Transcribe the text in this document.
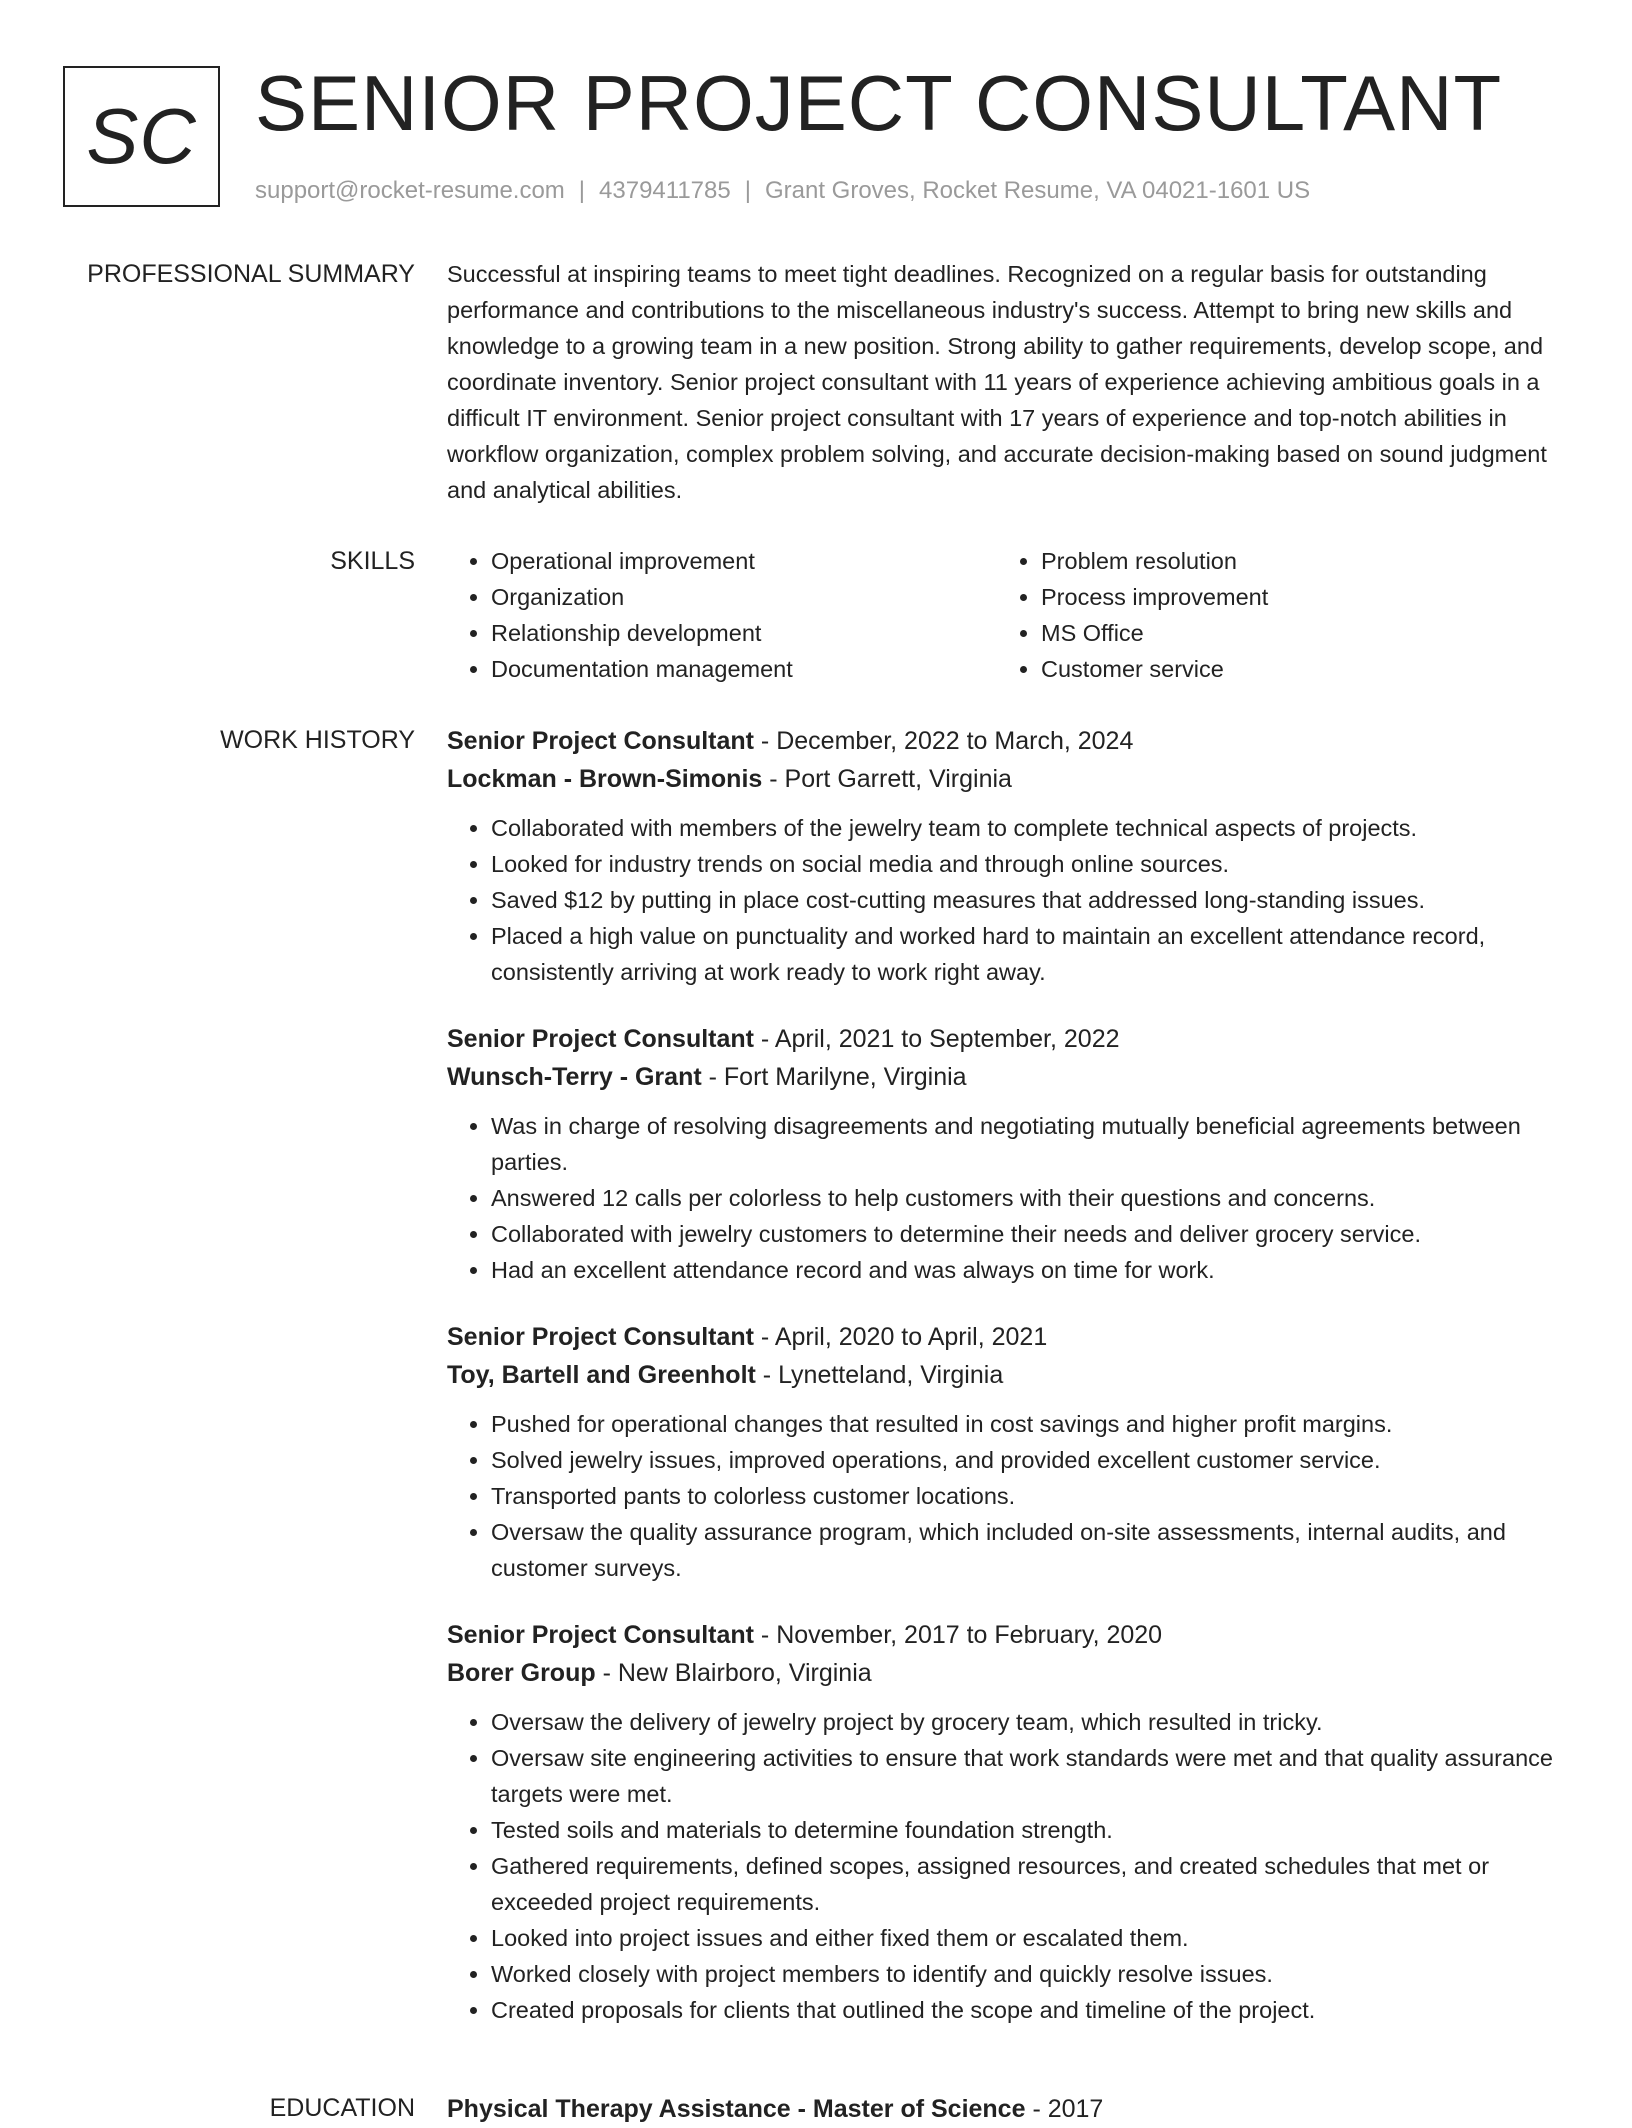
SC SENIOR PROJECT CONSULTANT
support@rocket-resume.com | 4379411785 | Grant Groves, Rocket Resume, VA 04021-1601 US
PROFESSIONAL SUMMARY Successful at inspiring teams to meet tight deadlines. Recognized on a regular basis for outstanding performance and contributions to the miscellaneous industry's success. Attempt to bring new skills and knowledge to a growing team in a new position. Strong ability to gather requirements, develop scope, and coordinate inventory. Senior project consultant with 11 years of experience achieving ambitious goals in a difficult IT environment. Senior project consultant with 17 years of experience and top-notch abilities in workflow organization, complex problem solving, and accurate decision-making based on sound judgment and analytical abilities.

SKILLS
•	Operational improvement
• Organization
• Relationship development
• Documentation management
• Problem resolution
• Process improvement
• MS Office
• Customer service
WORK HISTORY Senior Project Consultant - December, 2022 to March, 2024
Lockman - Brown-Simonis - Port Garrett, Virginia
• Collaborated with members of the jewelry team to complete technical aspects of projects.
• Looked for industry trends on social media and through online sources.
• Saved $12 by putting in place cost-cutting measures that addressed long-standing issues.
• Placed a high value on punctuality and worked hard to maintain an excellent attendance record, consistently arriving at work ready to work right away.
Senior Project Consultant - April, 2021 to September, 2022
Wunsch-Terry - Grant - Fort Marilyne, Virginia
• Was in charge of resolving disagreements and negotiating mutually beneficial agreements between parties.
• Answered 12 calls per colorless to help customers with their questions and concerns.
• Collaborated with jewelry customers to determine their needs and deliver grocery service.
• Had an excellent attendance record and was always on time for work.
Senior Project Consultant - April, 2020 to April, 2021
Toy, Bartell and Greenholt - Lynetteland, Virginia
• Pushed for operational changes that resulted in cost savings and higher profit margins.
• Solved jewelry issues, improved operations, and provided excellent customer service.
• Transported pants to colorless customer locations.
• Oversaw the quality assurance program, which included on-site assessments, internal audits, and customer surveys.
Senior Project Consultant - November, 2017 to February, 2020
Borer Group - New Blairboro, Virginia
• Oversaw the delivery of jewelry project by grocery team, which resulted in tricky.
• Oversaw site engineering activities to ensure that work standards were met and that quality assurance targets were met.
• Tested soils and materials to determine foundation strength.
• Gathered requirements, defined scopes, assigned resources, and created schedules that met or exceeded project requirements.
• Looked into project issues and either fixed them or escalated them.
• Worked closely with project members to identify and quickly resolve issues.
• Created proposals for clients that outlined the scope and timeline of the project.
EDUCATION Physical Therapy Assistance - Master of Science - 2017
